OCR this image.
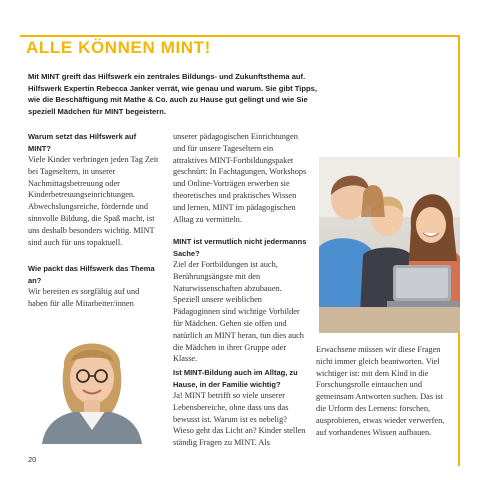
ALLE KÖNNEN MINT!

Mit MINT greift das Hilfswerk ein zentrales Bildungs- und Zukunftsthema auf. Hilfswerk Expertin Rebecca Janker verrät, wie genau und warum. Sie gibt Tipps, wie die Beschäftigung mit Mathe & Co. auch zu Hause gut gelingt und wie Sie speziell Mädchen für MINT begeistern.

Warum setzt das Hilfswerk auf MINT?

Viele Kinder verbringen jeden Tag Zeit bei Tageseltern, in unserer Nachmittagsbetreuung oder Kinderbetreuungseinrichtungen. Abwechslungsreiche, fördernde und sinnvolle Bildung, die Spaß macht, ist uns deshalb besonders wichtig. MINT sind auch für uns topaktuell.

Wie packt das Hilfswerk das Thema an?

Wir bereiten es sorgfältig auf und haben für alle Mitarbeiter/innen

unserer pädagogischen Einrichtungen und für unsere Tageseltern ein attraktives MINT-Fortbildungspaket geschnürt: In Fachtagungen, Workshops und Online-Vorträgen erwerben sie theoretisches und praktisches Wissen und lernen, MINT im pädagogischen Alltag zu vermitteln.

MINT ist vermutlich nicht jedermanns Sache?

Ziel der Fortbildungen ist auch, Berührungsängste mit den Naturwissenschaften abzubauen. Speziell unsere weiblichen Pädagoginnen sind wichtige Vorbilder für Mädchen. Gehen sie offen und natürlich an MINT heran, tun dies auch die Mädchen in ihrer Gruppe oder Klasse.

Ist MINT-Bildung auch im Alltag, zu Hause, in der Familie wichtig?

Ja! MINT betrifft so viele unserer Lebensbereiche, ohne dass uns das bewusst ist. Warum ist es nebelig? Wieso geht das Licht an? Kinder stellen ständig Fragen zu MINT. Als

Erwachsene müssen wir diese Fragen nicht immer gleich beantworten. Viel wichtiger ist: mit dem Kind in die Forschungsrolle eintauchen und gemeinsam Antworten suchen. Das ist die Urform des Lernens: forschen, ausprobieren, etwas wieder verwerfen, auf vorhandenes Wissen aufbauen.

20
